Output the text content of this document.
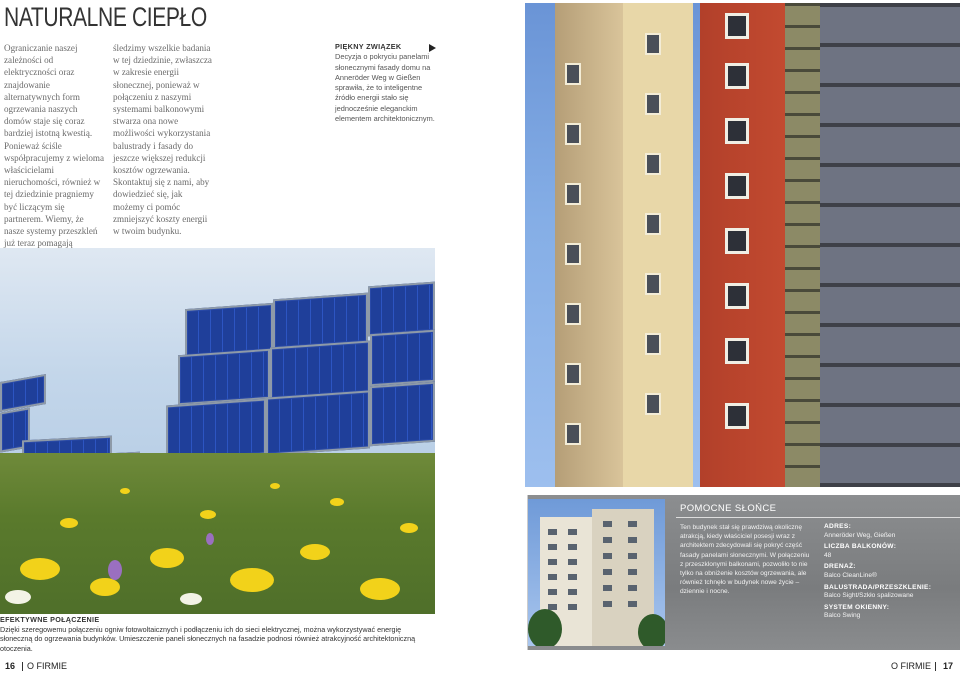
NATURALNE CIEPŁO
Ograniczanie naszej zależności od elektryczności oraz znajdowanie alternatywnych form ogrzewania naszych domów staje się coraz bardziej istotną kwestią. Ponieważ ściśle współpracujemy z wieloma właścicielami nieruchomości, również w tej dziedzinie pragniemy być liczącym się partnerem. Wiemy, że nasze systemy przeszkleń już teraz pomagają
śledzimy wszelkie badania w tej dziedzinie, zwłaszcza w zakresie energii słonecznej, ponieważ w połączeniu z naszymi systemami balkonowymi stwarza ona nowe możliwości wykorzystania balustrady i fasady do jeszcze większej redukcji kosztów ogrzewania. Skontaktuj się z nami, aby dowiedzieć się, jak możemy ci pomóc zmniejszyć koszty energii w twoim budynku.
PIĘKNY ZWIĄZEK
Decyzja o pokryciu panelami słonecznymi fasady domu na Anneröder Weg w Gießen sprawiła, że to inteligentne źródło energii stało się jednocześnie eleganckim elementem architektonicznym.
EFEKTYWNE POŁĄCZENIE
Dzięki szeregowemu połączeniu ogniw fotowoltaicznych i podłączeniu ich do sieci elektrycznej, można wykorzystywać energię słoneczną do ogrzewania budynków. Umieszczenie paneli słonecznych na fasadzie podnosi również atrakcyjność architektoniczną otoczenia.
POMOCNE SŁOŃCE
Ten budynek stał się prawdziwą okolicznę atrakcją, kiedy właściciel posesji wraz z architektem zdecydowali się pokryć część fasady panelami słonecznymi. W połączeniu z przeszklonymi balkonami, pozwoliło to nie tylko na obniżenie kosztów ogrzewania, ale również tchnęło w budynek nowe życie – dziennie i nocne.
ADRES:
Anneröder Weg, Gießen
LICZBA BALKONÓW:
48
DRENAŻ:
Balco CleanLine®
BALUSTRADA/PRZESZKLENIE:
Balco Sight/Szkło spalizowane
SYSTEM OKIENNY:
Balco Swing
16 O FIRMIE	O FIRMIE 17
